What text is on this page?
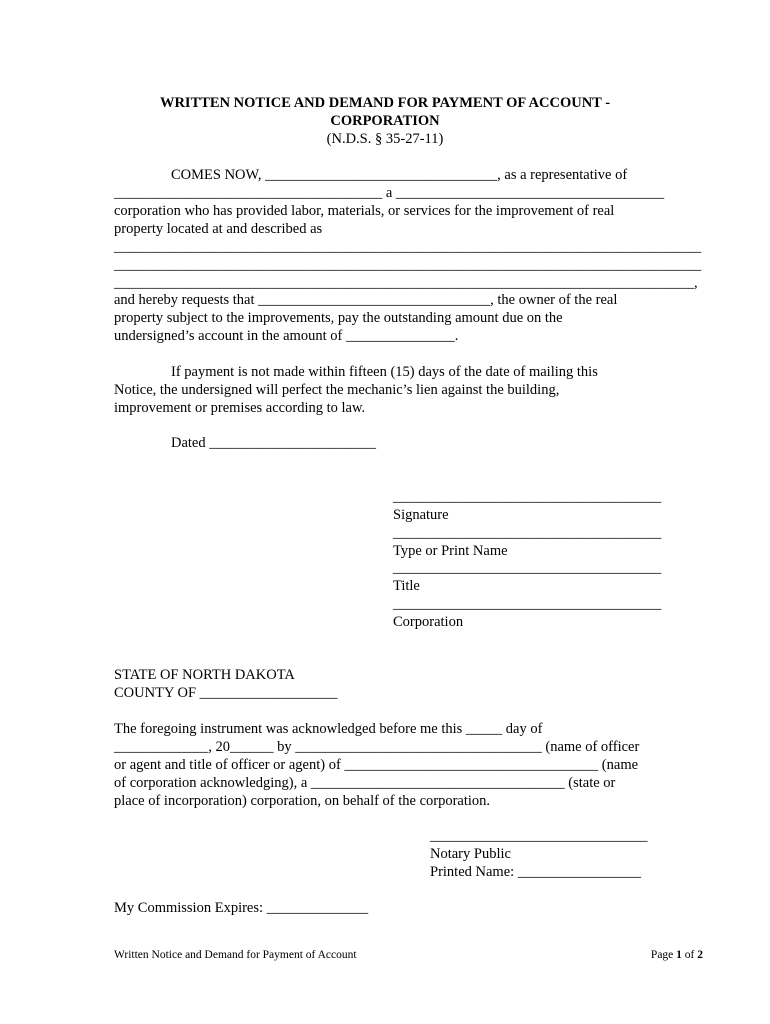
WRITTEN NOTICE AND DEMAND FOR PAYMENT OF ACCOUNT -
CORPORATION
(N.D.S. § 35-27-11)
COMES NOW, ________________________________, as a representative of
_____________________________________ a _____________________________________
corporation who has provided labor, materials, or services for the improvement of real
property located at and described as
_________________________________________________________________________________
_________________________________________________________________________________
________________________________________________________________________________,
and hereby requests that ________________________________, the owner of the real
property subject to the improvements, pay the outstanding amount due on the
undersigned’s account in the amount of _______________.
If payment is not made within fifteen (15) days of the date of mailing this
Notice, the undersigned will perfect the mechanic’s lien against the building,
improvement or premises according to law.
Dated _______________________
_____________________________________
Signature
_____________________________________
Type or Print Name
_____________________________________
Title
_____________________________________
Corporation
STATE OF NORTH DAKOTA
COUNTY OF ___________________
The foregoing instrument was acknowledged before me this _____ day of
_____________, 20______ by __________________________________ (name of officer
or agent and title of officer or agent) of ___________________________________ (name
of corporation acknowledging), a ___________________________________ (state or
place of incorporation) corporation, on behalf of the corporation.
______________________________
Notary Public
Printed Name: _________________
My Commission Expires: ______________
Written Notice and Demand for Payment of Account	Page 1 of 2
